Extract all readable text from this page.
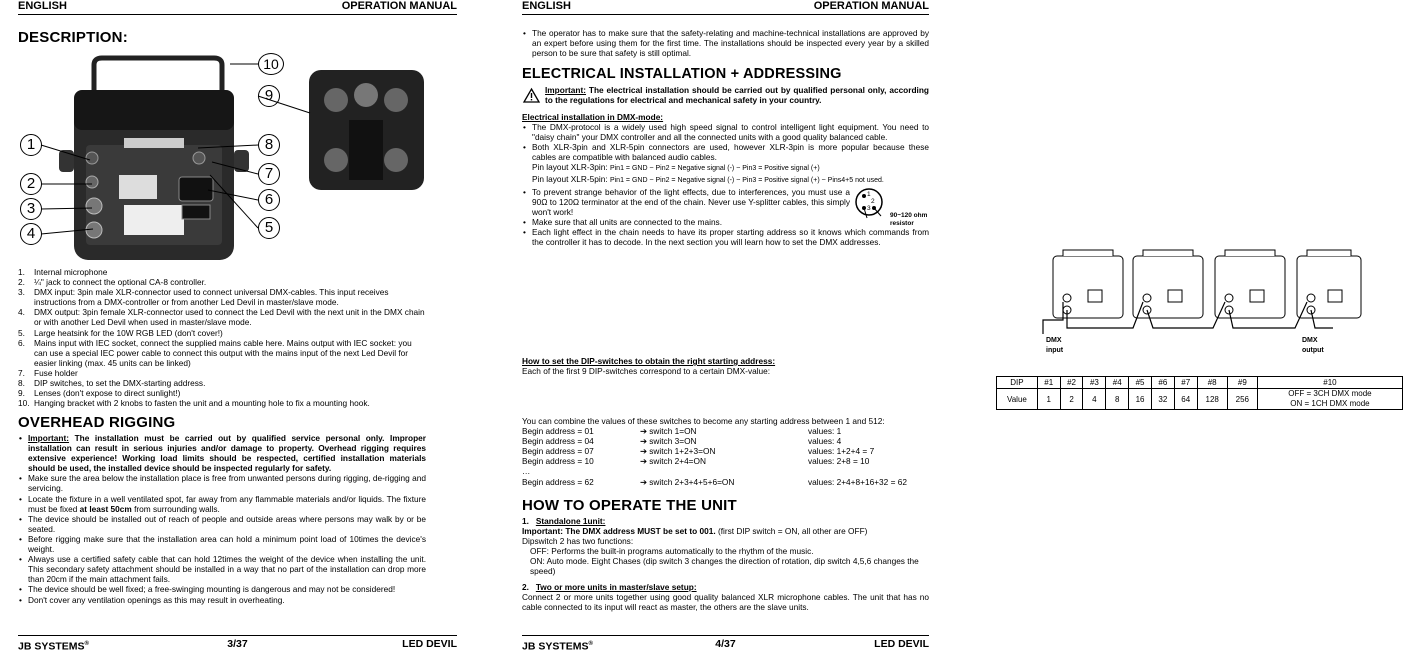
ENGLISH	OPERATION MANUAL
DESCRIPTION:
1
2
3
4	5
6
7
8
9
10
1. Internal microphone
2. ¼" jack to connect the optional CA-8 controller.
3. DMX input: 3pin male XLR-connector used to connect universal DMX-cables. This input receives instructions from a DMX-controller or from another Led Devil in master/slave mode.
4. DMX output: 3pin female XLR-connector used to connect the Led Devil with the next unit in the DMX chain or with another Led Devil when used in master/slave mode.
5. Large heatsink for the 10W RGB LED (don't cover!)
6. Mains input with IEC socket, connect the supplied mains cable here. Mains output with IEC socket: you can use a special IEC power cable to connect this output with the mains input of the next Led Devil for easier linking (max. 45 units can be linked)
7. Fuse holder
8. DIP switches, to set the DMX-starting address.
9. Lenses (don't expose to direct sunlight!)
10. Hanging bracket with 2 knobs to fasten the unit and a mounting hole to fix a mounting hook.
OVERHEAD RIGGING
• Important: The installation must be carried out by qualified service personal only. Improper installation can result in serious injuries and/or damage to property. Overhead rigging requires extensive experience! Working load limits should be respected, certified installation materials should be used, the installed device should be inspected regularly for safety.
• Make sure the area below the installation place is free from unwanted persons during rigging, de-rigging and servicing.
• Locate the fixture in a well ventilated spot, far away from any flammable materials and/or liquids. The fixture must be fixed at least 50cm from surrounding walls.
• The device should be installed out of reach of people and outside areas where persons may walk by or be seated.
• Before rigging make sure that the installation area can hold a minimum point load of 10times the device's weight.
• Always use a certified safety cable that can hold 12times the weight of the device when installing the unit. This secondary safety attachment should be installed in a way that no part of the installation can drop more than 20cm if the main attachment fails.
• The device should be well fixed; a free-swinging mounting is dangerous and may not be considered!
• Don't cover any ventilation openings as this may result in overheating.
JB SYSTEMS®	3/37	LED DEVIL
ENGLISH	OPERATION MANUAL
• The operator has to make sure that the safety-relating and machine-technical installations are approved by an expert before using them for the first time. The installations should be inspected every year by a skilled person to be sure that safety is still optimal.
ELECTRICAL INSTALLATION + ADDRESSING
Important: The electrical installation should be carried out by qualified personal only, according to the regulations for electrical and mechanical safety in your country.
Electrical installation in DMX-mode:
• The DMX-protocol is a widely used high speed signal to control intelligent light equipment. You need to "daisy chain" your DMX controller and all the connected units with a good quality balanced cable.
• Both XLR-3pin and XLR-5pin connectors are used, however XLR-3pin is more popular because these cables are compatible with balanced audio cables.
Pin layout XLR-3pin: Pin1 = GND ~ Pin2 = Negative signal (-) ~ Pin3 = Positive signal (+)
Pin layout XLR-5pin: Pin1 = GND ~ Pin2 = Negative signal (-) ~ Pin3 = Positive signal (+) ~ Pins4+5 not used.
• To prevent strange behavior of the light effects, due to interferences, you must use a 90Ω to 120Ω terminator at the end of the chain. Never use Y-splitter cables, this simply won't work!
• Make sure that all units are connected to the mains.
• Each light effect in the chain needs to have its proper starting address so it knows which commands from the controller it has to decode. In the next section you will learn how to set the DMX addresses.
1
2
3
90~120 ohm resistor
DMX input
DMX output
How to set the DIP-switches to obtain the right starting address:
Each of the first 9 DIP-switches correspond to a certain DMX-value:
DIP	#1	#2	#3	#4	#5	#6	#7	#8	#9	#10
Value	1	2	4	8	16	32	64	128	256	OFF = 3CH DMX mode
ON = 1CH DMX mode
You can combine the values of these switches to become any starting address between 1 and 512:
Begin address = 01	➔ switch 1=ON	values: 1
Begin address = 04	➔ switch 3=ON	values: 4
Begin address = 07	➔ switch 1+2+3=ON	values: 1+2+4 = 7
Begin address = 10	➔ switch 2+4=ON	values: 2+8 = 10
…
Begin address = 62	➔ switch 2+3+4+5+6=ON	values: 2+4+8+16+32 = 62
HOW TO OPERATE THE UNIT
1. Standalone 1unit:
Important: The DMX address MUST be set to 001. (first DIP switch = ON, all other are OFF)
Dipswitch 2 has two functions:
OFF: Performs the built-in programs automatically to the rhythm of the music.
ON: Auto mode. Eight Chases (dip switch 3 changes the direction of rotation, dip switch 4,5,6 changes the speed)
2. Two or more units in master/slave setup:
Connect 2 or more units together using good quality balanced XLR microphone cables. The unit that has no cable connected to its input will react as master, the others are the slave units.
JB SYSTEMS®	4/37	LED DEVIL
